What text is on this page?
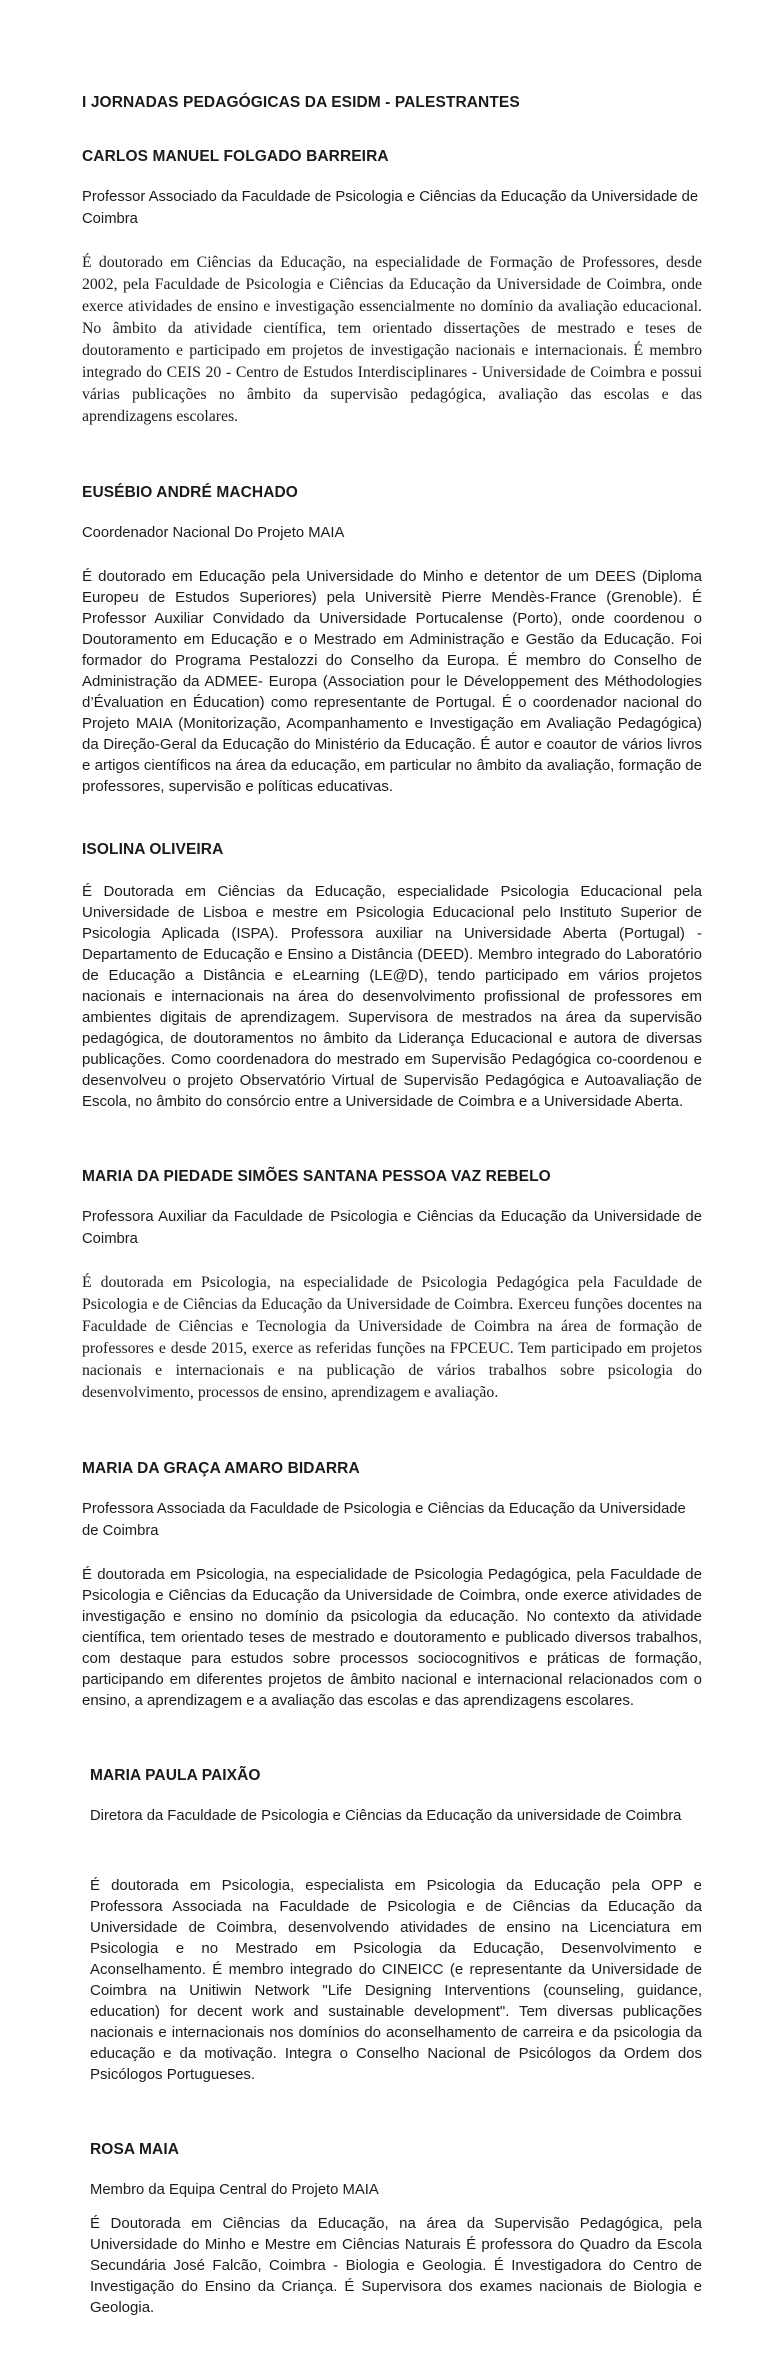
I JORNADAS PEDAGÓGICAS DA ESIDM - PALESTRANTES
CARLOS MANUEL FOLGADO BARREIRA
Professor Associado da Faculdade de Psicologia e Ciências da Educação da Universidade de Coimbra
É doutorado em Ciências da Educação, na especialidade de Formação de Professores, desde 2002, pela Faculdade de Psicologia e Ciências da Educação da Universidade de Coimbra, onde exerce atividades de ensino e investigação essencialmente no domínio da avaliação educacional. No âmbito da atividade científica, tem orientado dissertações de mestrado e teses de doutoramento e participado em projetos de investigação nacionais e internacionais. É membro integrado do CEIS 20 - Centro de Estudos Interdisciplinares - Universidade de Coimbra e possui várias publicações no âmbito da supervisão pedagógica, avaliação das escolas e das aprendizagens escolares.
EUSÉBIO ANDRÉ MACHADO
Coordenador Nacional Do Projeto MAIA
É doutorado em Educação pela Universidade do Minho e detentor de um DEES (Diploma Europeu de Estudos Superiores) pela Universitè Pierre Mendès-France (Grenoble). É Professor Auxiliar Convidado da Universidade Portucalense (Porto), onde coordenou o Doutoramento em Educação e o Mestrado em Administração e Gestão da Educação. Foi formador do Programa Pestalozzi do Conselho da Europa. É membro do Conselho de Administração da ADMEE- Europa (Association pour le Développement des Méthodologies d’Évaluation en Éducation) como representante de Portugal. É o coordenador nacional do Projeto MAIA (Monitorização, Acompanhamento e Investigação em Avaliação Pedagógica) da Direção-Geral da Educação do Ministério da Educação. É autor e coautor de vários livros e artigos científicos na área da educação, em particular no âmbito da avaliação, formação de professores, supervisão e políticas educativas.
ISOLINA OLIVEIRA
É Doutorada em Ciências da Educação, especialidade Psicologia Educacional pela Universidade de Lisboa e mestre em Psicologia Educacional pelo Instituto Superior de Psicologia Aplicada (ISPA). Professora auxiliar na Universidade Aberta (Portugal) - Departamento de Educação e Ensino a Distância (DEED). Membro integrado do Laboratório de Educação a Distância e eLearning (LE@D), tendo participado em vários projetos nacionais e internacionais na área do desenvolvimento profissional de professores em ambientes digitais de aprendizagem. Supervisora de mestrados na área da supervisão pedagógica, de doutoramentos no âmbito da Liderança Educacional e autora de diversas publicações. Como coordenadora do mestrado em Supervisão Pedagógica co-coordenou e desenvolveu o projeto Observatório Virtual de Supervisão Pedagógica e Autoavaliação de Escola, no âmbito do consórcio entre a Universidade de Coimbra e a Universidade Aberta.
MARIA DA PIEDADE SIMÕES SANTANA PESSOA VAZ REBELO
Professora Auxiliar da Faculdade de Psicologia e Ciências da Educação da Universidade de Coimbra
É doutorada em Psicologia, na especialidade de Psicologia Pedagógica pela Faculdade de Psicologia e de Ciências da Educação da Universidade de Coimbra. Exerceu funções docentes na Faculdade de Ciências e Tecnologia da Universidade de Coimbra na área de formação de professores e desde 2015, exerce as referidas funções na FPCEUC. Tem participado em projetos nacionais e internacionais e na publicação de vários trabalhos sobre psicologia do desenvolvimento, processos de ensino, aprendizagem e avaliação.
MARIA DA GRAÇA AMARO BIDARRA
Professora Associada da Faculdade de Psicologia e Ciências da Educação da Universidade de Coimbra
É doutorada em Psicologia, na especialidade de Psicologia Pedagógica, pela Faculdade de Psicologia e Ciências da Educação da Universidade de Coimbra, onde exerce atividades de investigação e ensino no domínio da psicologia da educação. No contexto da atividade científica, tem orientado teses de mestrado e doutoramento e publicado diversos trabalhos, com destaque para estudos sobre processos sociocognitivos e práticas de formação, participando em diferentes projetos de âmbito nacional e internacional relacionados com o ensino, a aprendizagem e a avaliação das escolas e das aprendizagens escolares.
MARIA PAULA PAIXÃO
Diretora da Faculdade de Psicologia e Ciências da Educação da universidade de Coimbra
É doutorada em Psicologia, especialista em Psicologia da Educação pela OPP e Professora Associada na Faculdade de Psicologia e de Ciências da Educação da Universidade de Coimbra, desenvolvendo atividades de ensino na Licenciatura em Psicologia e no Mestrado em Psicologia da Educação, Desenvolvimento e Aconselhamento. É membro integrado do CINEICC (e representante da Universidade de Coimbra na Unitiwin Network "Life Designing Interventions (counseling, guidance, education) for decent work and sustainable development". Tem diversas publicações nacionais e internacionais nos domínios do aconselhamento de carreira e da psicologia da educação e da motivação. Integra o Conselho Nacional de Psicólogos da Ordem dos Psicólogos Portugueses.
ROSA MAIA
Membro da Equipa Central do Projeto MAIA
É Doutorada em Ciências da Educação, na área da Supervisão Pedagógica, pela Universidade do Minho e Mestre em Ciências Naturais É professora do Quadro da Escola Secundária José Falcão, Coimbra - Biologia e Geologia. É Investigadora do Centro de Investigação do Ensino da Criança. É Supervisora dos exames nacionais de Biologia e Geologia.
